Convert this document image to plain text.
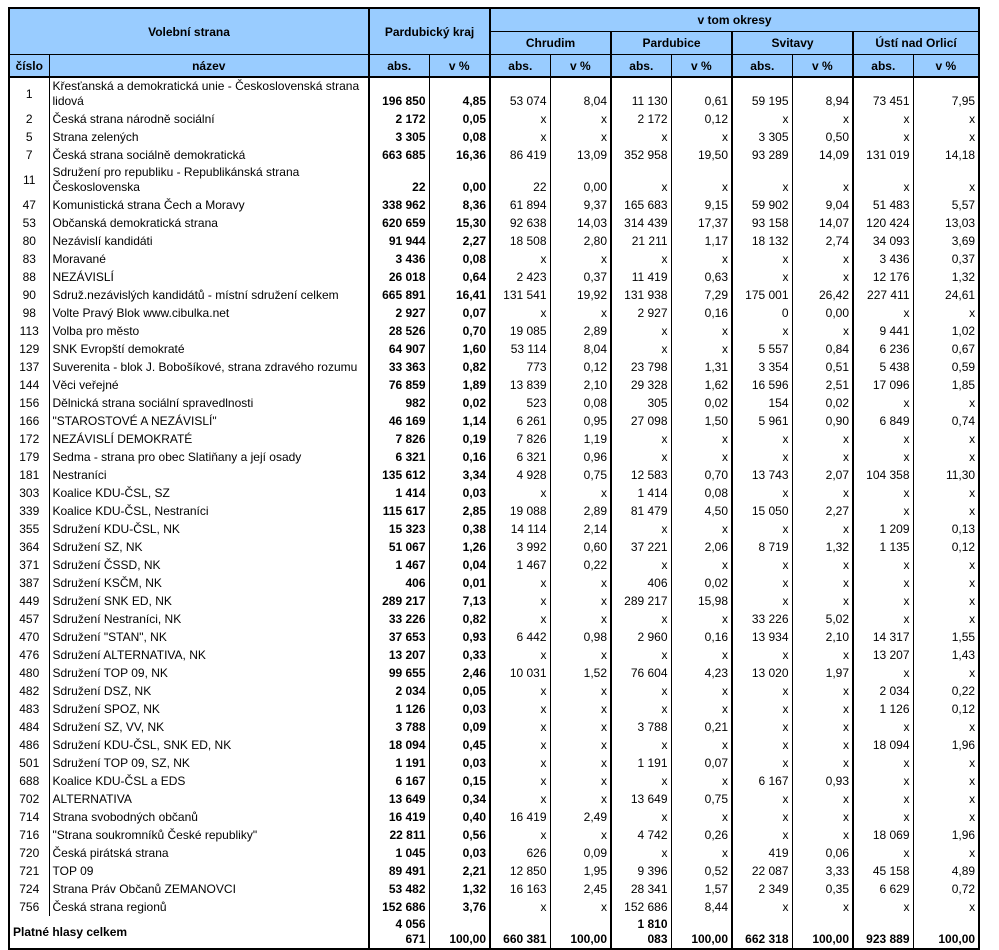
Volební strana		Pardubický kraj		v tom okresy							
				Chrudim		Pardubice		Svitavy		Ústí nad Orlicí	
číslo	název	abs.	v %	abs.	v %	abs.	v %	abs.	v %	abs.	v %
1	Křesťanská a demokratická unie - Československá strana lidová	196 850	4,85	53 074	8,04	11 130	0,61	59 195	8,94	73 451	7,95
2	Česká strana národně sociální	2 172	0,05	x	x	2 172	0,12	x	x	x	x
5	Strana zelených	3 305	0,08	x	x	x	x	3 305	0,50	x	x
7	Česká strana sociálně demokratická	663 685	16,36	86 419	13,09	352 958	19,50	93 289	14,09	131 019	14,18
11	Sdružení pro republiku - Republikánská strana Československa	22	0,00	22	0,00	x	x	x	x	x	x
47	Komunistická strana Čech a Moravy	338 962	8,36	61 894	9,37	165 683	9,15	59 902	9,04	51 483	5,57
53	Občanská demokratická strana	620 659	15,30	92 638	14,03	314 439	17,37	93 158	14,07	120 424	13,03
80	Nezávislí kandidáti	91 944	2,27	18 508	2,80	21 211	1,17	18 132	2,74	34 093	3,69
83	Moravané	3 436	0,08	x	x	x	x	x	x	3 436	0,37
88	NEZÁVISLÍ	26 018	0,64	2 423	0,37	11 419	0,63	x	x	12 176	1,32
90	Sdruž.nezávislých kandidátů - místní sdružení celkem	665 891	16,41	131 541	19,92	131 938	7,29	175 001	26,42	227 411	24,61
98	Volte Pravý Blok www.cibulka.net	2 927	0,07	x	x	2 927	0,16	0	0,00	x	x
113	Volba pro město	28 526	0,70	19 085	2,89	x	x	x	x	9 441	1,02
129	SNK Evropští demokraté	64 907	1,60	53 114	8,04	x	x	5 557	0,84	6 236	0,67
137	Suverenita - blok J. Bobošíkové, strana zdravého rozumu	33 363	0,82	773	0,12	23 798	1,31	3 354	0,51	5 438	0,59
144	Věci veřejné	76 859	1,89	13 839	2,10	29 328	1,62	16 596	2,51	17 096	1,85
156	Dělnická strana sociální spravedlnosti	982	0,02	523	0,08	305	0,02	154	0,02	x	x
166	"STAROSTOVÉ A NEZÁVISLÍ"	46 169	1,14	6 261	0,95	27 098	1,50	5 961	0,90	6 849	0,74
172	NEZÁVISLÍ DEMOKRATÉ	7 826	0,19	7 826	1,19	x	x	x	x	x	x
179	Sedma - strana pro obec Slatiňany a její osady	6 321	0,16	6 321	0,96	x	x	x	x	x	x
181	Nestraníci	135 612	3,34	4 928	0,75	12 583	0,70	13 743	2,07	104 358	11,30
303	Koalice KDU-ČSL, SZ	1 414	0,03	x	x	1 414	0,08	x	x	x	x
339	Koalice KDU-ČSL, Nestraníci	115 617	2,85	19 088	2,89	81 479	4,50	15 050	2,27	x	x
355	Sdružení KDU-ČSL, NK	15 323	0,38	14 114	2,14	x	x	x	x	1 209	0,13
364	Sdružení SZ, NK	51 067	1,26	3 992	0,60	37 221	2,06	8 719	1,32	1 135	0,12
371	Sdružení ČSSD, NK	1 467	0,04	1 467	0,22	x	x	x	x	x	x
387	Sdružení KSČM, NK	406	0,01	x	x	406	0,02	x	x	x	x
449	Sdružení SNK ED, NK	289 217	7,13	x	x	289 217	15,98	x	x	x	x
457	Sdružení Nestraníci, NK	33 226	0,82	x	x	x	x	33 226	5,02	x	x
470	Sdružení "STAN", NK	37 653	0,93	6 442	0,98	2 960	0,16	13 934	2,10	14 317	1,55
476	Sdružení ALTERNATIVA, NK	13 207	0,33	x	x	x	x	x	x	13 207	1,43
480	Sdružení TOP 09, NK	99 655	2,46	10 031	1,52	76 604	4,23	13 020	1,97	x	x
482	Sdružení DSZ, NK	2 034	0,05	x	x	x	x	x	x	2 034	0,22
483	Sdružení SPOZ, NK	1 126	0,03	x	x	x	x	x	x	1 126	0,12
484	Sdružení SZ, VV, NK	3 788	0,09	x	x	3 788	0,21	x	x	x	x
486	Sdružení KDU-ČSL, SNK ED, NK	18 094	0,45	x	x	x	x	x	x	18 094	1,96
501	Sdružení TOP 09, SZ, NK	1 191	0,03	x	x	1 191	0,07	x	x	x	x
688	Koalice KDU-ČSL a EDS	6 167	0,15	x	x	x	x	6 167	0,93	x	x
702	ALTERNATIVA	13 649	0,34	x	x	13 649	0,75	x	x	x	x
714	Strana svobodných občanů	16 419	0,40	16 419	2,49	x	x	x	x	x	x
716	"Strana soukromníků České republiky"	22 811	0,56	x	x	4 742	0,26	x	x	18 069	1,96
720	Česká pirátská strana	1 045	0,03	626	0,09	x	x	419	0,06	x	x
721	TOP 09	89 491	2,21	12 850	1,95	9 396	0,52	22 087	3,33	45 158	4,89
724	Strana Práv Občanů ZEMANOVCI	53 482	1,32	16 163	2,45	28 341	1,57	2 349	0,35	6 629	0,72
756	Česká strana regionů	152 686	3,76	x	x	152 686	8,44	x	x	x	x
Platné hlasy celkem		4 056 671	100,00	660 381	100,00	1 810 083	100,00	662 318	100,00	923 889	100,00
